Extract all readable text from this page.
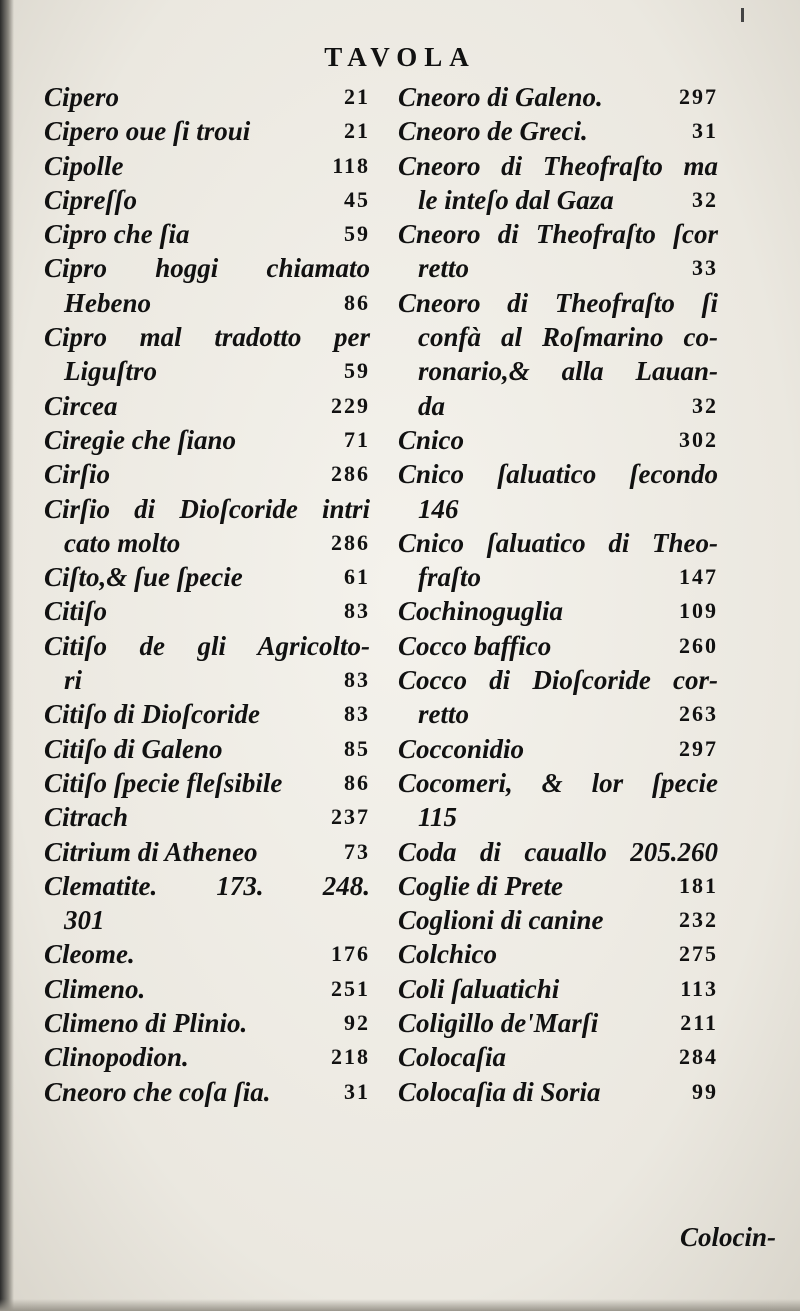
TAVOLA
Cipero	21
Cipero oue ſi troui	21
Cipolle	118
Cipreſſo	45
Cipro che ſia	59
Cipro hoggi chiamato
Hebeno	86
Cipro mal tradotto per
Liguſtro	59
Circea	229
Ciregie che ſiano	71
Cirſio	286
Cirſio di Dioſcoride intri
cato molto	286
Ciſto,& ſue ſpecie	61
Citiſo	83
Citiſo de gli Agricolto-
ri	83
Citiſo di Dioſcoride	83
Citiſo di Galeno	85
Citiſo ſpecie fleſsibile	86
Citrach	237
Citrium di Atheneo	73
Clematite. 173. 248.
301
Cleome.	176
Climeno.	251
Climeno di Plinio.	92
Clinopodion.	218
Cneoro che coſa ſia.	31
Cneoro di Galeno.	297
Cneoro de Greci.	31
Cneoro di Theofraſto ma
le inteſo dal Gaza	32
Cneoro di Theofraſto ſcor
retto	33
Cneoro di Theofraſto ſi
confà al Roſmarino co-
ronario,& alla Lauan-
da	32
Cnico	302
Cnico ſaluatico ſecondo
146
Cnico ſaluatico di Theo-
fraſto	147
Cochinoguglia	109
Cocco baffico	260
Cocco di Dioſcoride cor-
retto	263
Cocconidio	297
Cocomeri, & lor ſpecie
115
Coda di cauallo 205.260
Coglie di Prete	181
Coglioni di canine	232
Colchico	275
Coli ſaluatichi	113
Coligillo de'Marſi	211
Colocaſia	284
Colocaſia di Soria	99
Colocin-
